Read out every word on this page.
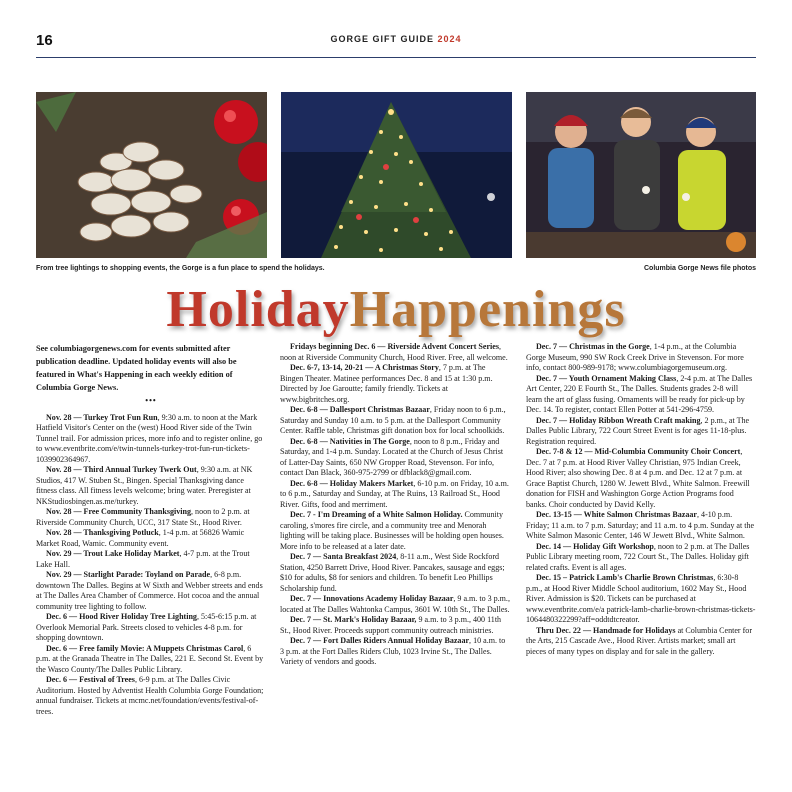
16	GORGE GIFT GUIDE 2024
From tree lightings to shopping events, the Gorge is a fun place to spend the holidays.	Columbia Gorge News file photos
HolidayHappenings

See columbiagorgenews.com for events submitted after publication deadline. Updated holiday events will also be featured in What's Happening in each weekly edition of Columbia Gorge News.

•••

Nov. 28 — Turkey Trot Fun Run, 9:30 a.m. to noon at the Mark Hatfield Visitor's Center on the (west) Hood River side of the Twin Tunnel trail. For admission prices, more info and to register online, go to www.eventbrite.com/e/twin-tunnels-turkey-trot-fun-run-tickets-1039902364967.

Nov. 28 — Third Annual Turkey Twerk Out, 9:30 a.m. at NK Studios, 417 W. Stuben St., Bingen. Special Thanksgiving dance fitness class. All fitness levels welcome; bring water. Preregister at NKStudiosbingen.as.me/turkey.

Nov. 28 — Free Community Thanksgiving, noon to 2 p.m. at Riverside Community Church, UCC, 317 State St., Hood River.

Nov. 28 — Thanksgiving Potluck, 1-4 p.m. at 56826 Wamic Market Road, Wamic. Community event.

Nov. 29 — Trout Lake Holiday Market, 4-7 p.m. at the Trout Lake Hall.

Nov. 29 — Starlight Parade: Toyland on Parade, 6-8 p.m. downtown The Dalles. Begins at W Sixth and Webber streets and ends at The Dalles Area Chamber of Commerce. Hot cocoa and the annual community tree lighting to follow.

Dec. 6 — Hood River Holiday Tree Lighting, 5:45-6:15 p.m. at Overlook Memorial Park. Streets closed to vehicles 4-8 p.m. for shopping downtown.

Dec. 6 — Free family Movie: A Muppets Christmas Carol, 6 p.m. at the Granada Theatre in The Dalles, 221 E. Second St. Event by the Wasco County/The Dalles Public Library.

Dec. 6 — Festival of Trees, 6-9 p.m. at The Dalles Civic Auditorium. Hosted by Adventist Health Columbia Gorge Foundation; annual fundraiser. Tickets at mcmc.net/foundation/events/festival-of-trees.

Fridays beginning Dec. 6 — Riverside Advent Concert Series, noon at Riverside Community Church, Hood River. Free, all welcome.

Dec. 6-7, 13-14, 20-21 — A Christmas Story, 7 p.m. at The Bingen Theater. Matinee performances Dec. 8 and 15 at 1:30 p.m. Directed by Joe Garoutte; family friendly. Tickets at www.bigbritches.org.

Dec. 6-8 — Dallesport Christmas Bazaar, Friday noon to 6 p.m., Saturday and Sunday 10 a.m. to 5 p.m. at the Dallesport Community Center. Raffle table, Christmas gift donation box for local schoolkids.

Dec. 6-8 — Nativities in The Gorge, noon to 8 p.m., Friday and Saturday, and 1-4 p.m. Sunday. Located at the Church of Jesus Christ of Latter-Day Saints, 650 NW Gropper Road, Stevenson. For info, contact Dan Black, 360-975-2799 or dfblack8@gmail.com.

Dec. 6-8 — Holiday Makers Market, 6-10 p.m. on Friday, 10 a.m. to 6 p.m., Saturday and Sunday, at The Ruins, 13 Railroad St., Hood River. Gifts, food and merriment.

Dec. 7 - I'm Dreaming of a White Salmon Holiday. Community caroling, s'mores fire circle, and a community tree and Menorah lighting will be taking place. Businesses will be holding open houses. More info to be released at a later date.

Dec. 7 — Santa Breakfast 2024, 8-11 a.m., West Side Rockford Station, 4250 Barrett Drive, Hood River. Pancakes, sausage and eggs; $10 for adults, $8 for seniors and children. To benefit Leo Phillips Scholarship fund.

Dec. 7 — Innovations Academy Holiday Bazaar, 9 a.m. to 3 p.m., located at The Dalles Wahtonka Campus, 3601 W. 10th St., The Dalles.

Dec. 7 — St. Mark's Holiday Bazaar, 9 a.m. to 3 p.m., 400 11th St., Hood River. Proceeds support community outreach ministries.

Dec. 7 — Fort Dalles Riders Annual Holiday Bazaar, 10 a.m. to 3 p.m. at the Fort Dalles Riders Club, 1023 Irvine St., The Dalles. Variety of vendors and goods.

Dec. 7 — Christmas in the Gorge, 1-4 p.m., at the Columbia Gorge Museum, 990 SW Rock Creek Drive in Stevenson. For more info, contact 800-989-9178; www.columbiagorgemuseum.org.

Dec. 7 — Youth Ornament Making Class, 2-4 p.m. at The Dalles Art Center, 220 E Fourth St., The Dalles. Students grades 2-8 will learn the art of glass fusing. Ornaments will be ready for pick-up by Dec. 14. To register, contact Ellen Potter at 541-296-4759.

Dec. 7 — Holiday Ribbon Wreath Craft making, 2 p.m., at The Dalles Public Library, 722 Court Street Event is for ages 11-18-plus. Registration required.

Dec. 7-8 & 12 — Mid-Columbia Community Choir Concert, Dec. 7 at 7 p.m. at Hood River Valley Christian, 975 Indian Creek, Hood River; also showing Dec. 8 at 4 p.m. and Dec. 12 at 7 p.m. at Grace Baptist Church, 1280 W. Jewett Blvd., White Salmon. Freewill donation for FISH and Washington Gorge Action Programs food banks. Choir conducted by David Kelly.

Dec. 13-15 — White Salmon Christmas Bazaar, 4-10 p.m. Friday; 11 a.m. to 7 p.m. Saturday; and 11 a.m. to 4 p.m. Sunday at the White Salmon Masonic Center, 146 W Jewett Blvd., White Salmon.

Dec. 14 — Holiday Gift Workshop, noon to 2 p.m. at The Dalles Public Library meeting room, 722 Court St., The Dalles. Holiday gift related crafts. Event is all ages.

Dec. 15 – Patrick Lamb's Charlie Brown Christmas, 6:30-8 p.m., at Hood River Middle School auditorium, 1602 May St., Hood River. Admission is $20. Tickets can be purchased at www.eventbrite.com/e/a patrick-lamb-charlie-brown-christmas-tickets-1064480322299?aff=oddtdtcreator.

Thru Dec. 22 — Handmade for Holidays at Columbia Center for the Arts, 215 Cascade Ave., Hood River. Artists market; small art pieces of many types on display and for sale in the gallery.
